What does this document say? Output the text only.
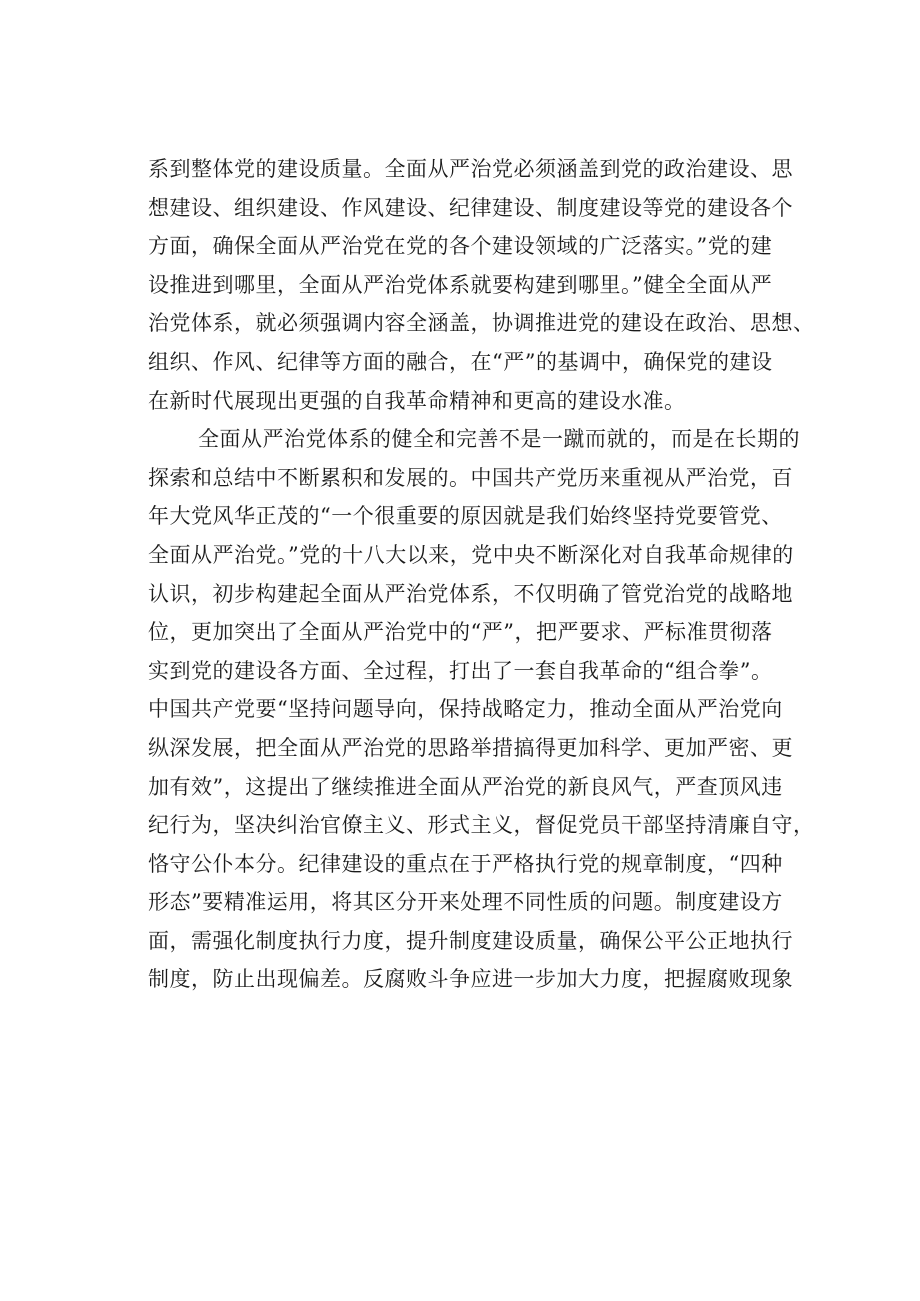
系到整体党的建设质量。全面从严治党必须涵盖到党的政治建设、思
想建设、组织建设、作风建设、纪律建设、制度建设等党的建设各个
方面，确保全面从严治党在党的各个建设领域的广泛落实。”党的建
设推进到哪里，全面从严治党体系就要构建到哪里。”健全全面从严
治党体系，就必须强调内容全涵盖，协调推进党的建设在政治、思想、
组织、作风、纪律等方面的融合，在“严”的基调中，确保党的建设
在新时代展现出更强的自我革命精神和更高的建设水准。
全面从严治党体系的健全和完善不是一蹴而就的，而是在长期的
探索和总结中不断累积和发展的。中国共产党历来重视从严治党，百
年大党风华正茂的“一个很重要的原因就是我们始终坚持党要管党、
全面从严治党。”党的十八大以来，党中央不断深化对自我革命规律的
认识，初步构建起全面从严治党体系，不仅明确了管党治党的战略地
位，更加突出了全面从严治党中的“严”，把严要求、严标准贯彻落
实到党的建设各方面、全过程，打出了一套自我革命的“组合拳”。
中国共产党要“坚持问题导向，保持战略定力，推动全面从严治党向
纵深发展，把全面从严治党的思路举措搞得更加科学、更加严密、更
加有效”，这提出了继续推进全面从严治党的新良风气，严查顶风违
纪行为，坚决纠治官僚主义、形式主义，督促党员干部坚持清廉自守，
恪守公仆本分。纪律建设的重点在于严格执行党的规章制度，“四种
形态”要精准运用，将其区分开来处理不同性质的问题。制度建设方
面，需强化制度执行力度，提升制度建设质量，确保公平公正地执行
制度，防止出现偏差。反腐败斗争应进一步加大力度，把握腐败现象
